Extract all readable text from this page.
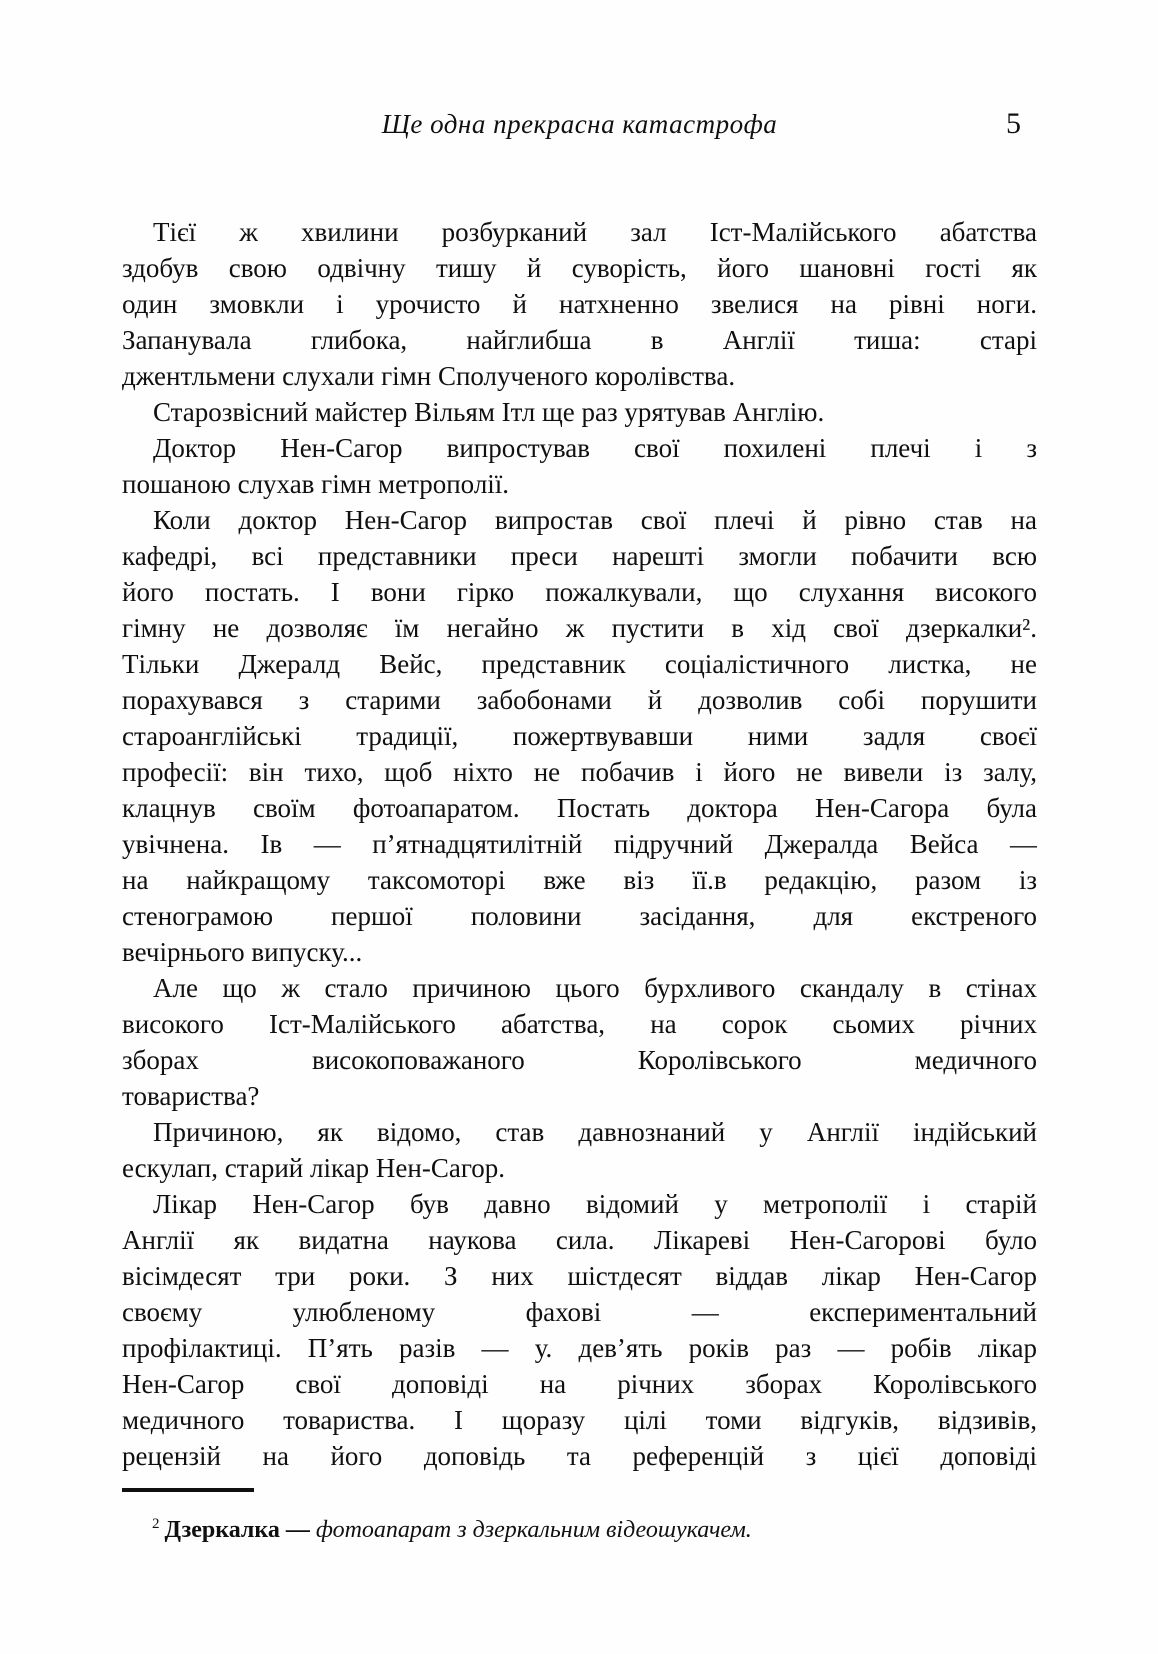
Ще одна прекрасна катастрофа	5
Тієї ж хвилини розбурканий зал Іст-Малійського абатства
здобув свою одвічну тишу й суворість, його шановні гості як
один змовкли і урочисто й натхненно звелися на рівні ноги.
Запанувала глибока, найглибша в Англії тиша: старі
джентльмени слухали гімн Сполученого королівства.
Старозвісний майстер Вільям Ітл ще раз урятував Англію.
Доктор Нен-Сагор випростував свої похилені плечі і з
пошаною слухав гімн метрополії.
Коли доктор Нен-Сагор випростав свої плечі й рівно став на
кафедрі, всі представники преси нарешті змогли побачити всю
його постать. І вони гірко пожалкували, що слухання високого
гімну не дозволяє їм негайно ж пустити в хід свої дзеркалки².
Тільки Джералд Вейс, представник соціалістичного листка, не
порахувався з старими забобонами й дозволив собі порушити
староанглійські традиції, пожертвувавши ними задля своєї
професії: він тихо, щоб ніхто не побачив і його не вивели із залу,
клацнув своїм фотоапаратом. Постать доктора Нен-Сагора була
увічнена. Ів — п’ятнадцятилітній підручний Джералда Вейса —
на найкращому таксомоторі вже віз її.в редакцію, разом із
стенограмою першої половини засідання, для екстреного
вечірнього випуску...
Але що ж стало причиною цього бурхливого скандалу в стінах
високого Іст-Малійського абатства, на сорок сьомих річних
зборах високоповажаного Королівського медичного
товариства?
Причиною, як відомо, став давнознаний у Англії індійський
ескулап, старий лікар Нен-Сагор.
Лікар Нен-Сагор був давно відомий у метрополії і старій
Англії як видатна наукова сила. Лікареві Нен-Сагорові було
вісімдесят три роки. З них шістдесят віддав лікар Нен-Сагор
своєму улюбленому фахові — експериментальний
профілактиці. П’ять разів — у. дев’ять років раз — робів лікар
Нен-Сагор свої доповіді на річних зборах Королівського
медичного товариства. І щоразу цілі томи відгуків, відзивів,
рецензій на його доповідь та референцій з цієї доповіді

$^2$ Дзеркалка — фотоапарат з дзеркальним відеошукачем.
